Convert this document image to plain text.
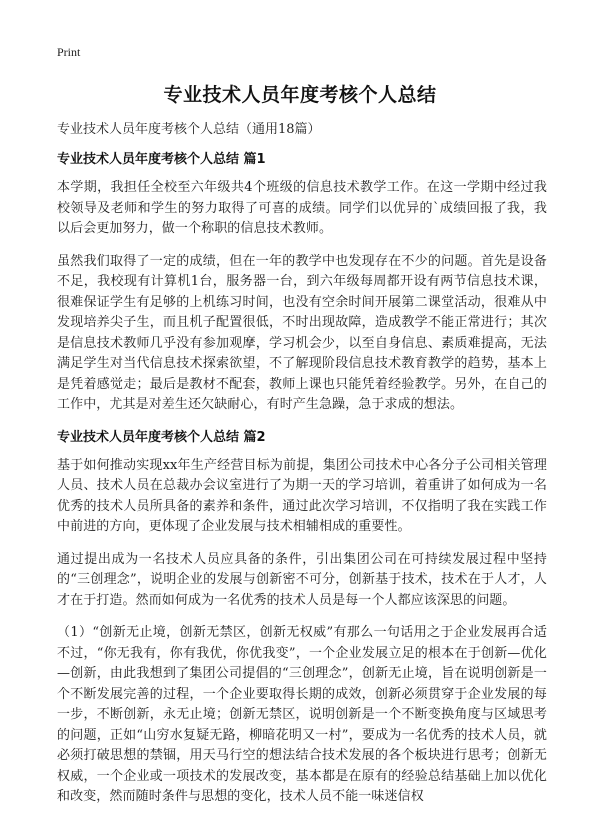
Print
专业技术人员年度考核个人总结

专业技术人员年度考核个人总结（通用18篇）

专业技术人员年度考核个人总结 篇1

本学期，我担任全校至六年级共4个班级的信息技术教学工作。在这一学期中经过我校领导及老师和学生的努力取得了可喜的成绩。同学们以优异的`成绩回报了我，我以后会更加努力，做一个称职的信息技术教师。

虽然我们取得了一定的成绩，但在一年的教学中也发现存在不少的问题。首先是设备不足，我校现有计算机1台，服务器一台，到六年级每周都开设有两节信息技术课，很难保证学生有足够的上机练习时间，也没有空余时间开展第二课堂活动，很难从中发现培养尖子生，而且机子配置很低，不时出现故障，造成教学不能正常进行；其次是信息技术教师几乎没有参加观摩，学习机会少，以至自身信息、素质难提高，无法满足学生对当代信息技术探索欲望，不了解现阶段信息技术教育教学的趋势，基本上是凭着感觉走；最后是教材不配套，教师上课也只能凭着经验教学。另外，在自己的工作中，尤其是对差生还欠缺耐心，有时产生急躁，急于求成的想法。

专业技术人员年度考核个人总结 篇2

基于如何推动实现xx年生产经营目标为前提，集团公司技术中心各分子公司相关管理人员、技术人员在总裁办会议室进行了为期一天的学习培训，着重讲了如何成为一名优秀的技术人员所具备的素养和条件，通过此次学习培训，不仅指明了我在实践工作中前进的方向，更体现了企业发展与技术相辅相成的重要性。

通过提出成为一名技术人员应具备的条件，引出集团公司在可持续发展过程中坚持的“三创理念”，说明企业的发展与创新密不可分，创新基于技术，技术在于人才，人才在于打造。然而如何成为一名优秀的技术人员是每一个人都应该深思的问题。

（1）“创新无止境，创新无禁区，创新无权威”有那么一句话用之于企业发展再合适不过，“你无我有，你有我优，你优我变”，一个企业发展立足的根本在于创新—优化—创新，由此我想到了集团公司提倡的“三创理念”，创新无止境，旨在说明创新是一个不断发展完善的过程，一个企业要取得长期的成效，创新必须贯穿于企业发展的每一步，不断创新，永无止境；创新无禁区，说明创新是一个不断变换角度与区域思考的问题，正如“山穷水复疑无路，柳暗花明又一村”，要成为一名优秀的技术人员，就必须打破思想的禁锢，用天马行空的想法结合技术发展的各个板块进行思考；创新无权威，一个企业或一项技术的发展改变，基本都是在原有的经验总结基础上加以优化和改变，然而随时条件与思想的变化，技术人员不能一味迷信权
